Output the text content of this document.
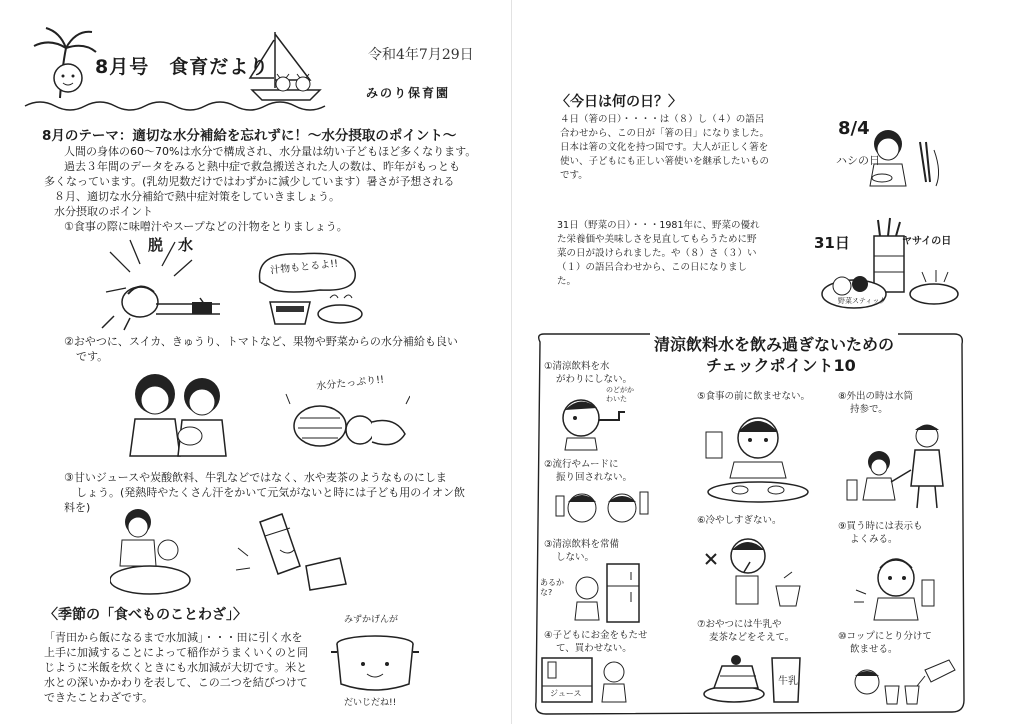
8月号　食育だより
令和4年7月29日
みのり保育園
8月のテーマ：適切な水分補給を忘れずに！～水分摂取のポイント～
人間の身体の60～70%は水分で構成され、水分量は幼い子どもほど多くなります。
過去３年間のデータをみると熱中症で救急搬送された人の数は、昨年がもっとも
多くなっています。(乳幼児数だけではわずかに減少しています）暑さが予想される
８月、適切な水分補給で熱中症対策をしていきましょう。
水分摂取のポイント
①食事の際に味噌汁やスープなどの汁物をとりましょう。
脱　水
汁物もとるよ!!
②おやつに、スイカ、きゅうり、トマトなど、果物や野菜からの水分補給も良い
です。
水分たっぷり!!
③甘いジュースや炭酸飲料、牛乳などではなく、水や麦茶のようなものにしま
しょう。(発熱時やたくさん汗をかいて元気がないと時には子ども用のイオン飲
料を)
〈季節の「食べものことわざ」〉
「青田から飯になるまで水加減」・・・田に引く水を
上手に加減することによって稲作がうまくいくのと同
じように米飯を炊くときにも水加減が大切です。米と
水との深いかかわりを表して、この二つを結びつけて
できたことわざです。
みずかげんが
だいじだね!!
〈今日は何の日？〉
４日（箸の日）・・・・は（８）し（４）の語呂
合わせから、この日が「箸の日」になりました。
日本は箸の文化を持つ国です。大人が正しく箸を
使い、子どもにも正しい箸使いを継承したいもの
です。
8/4
ハシの日
31日（野菜の日）・・・1981年に、野菜の優れ
た栄養価や美味しさを見直してもらうために野
菜の日が設けられました。や（８）さ（３）い
（１）の語呂合わせから、この日になりまし
た。
31日	ヤサイの日
野菜スティック
清涼飲料水を飲み過ぎないための
チェックポイント10
①清涼飲料を水
がわりにしない。
のどがかわいた
②流行やムードに
振り回されない。
③清涼飲料を常備
しない。
あるかな?
④子どもにお金をもたせ
て、買わせない。
ジュース
⑤食事の前に飲ませない。
⑥冷やしすぎない。
⑦おやつには牛乳や
麦茶などをそえて。
牛乳
⑧外出の時は水筒
持参で。
⑨買う時には表示も
よくみる。
⑩コップにとり分けて
飲ませる。
